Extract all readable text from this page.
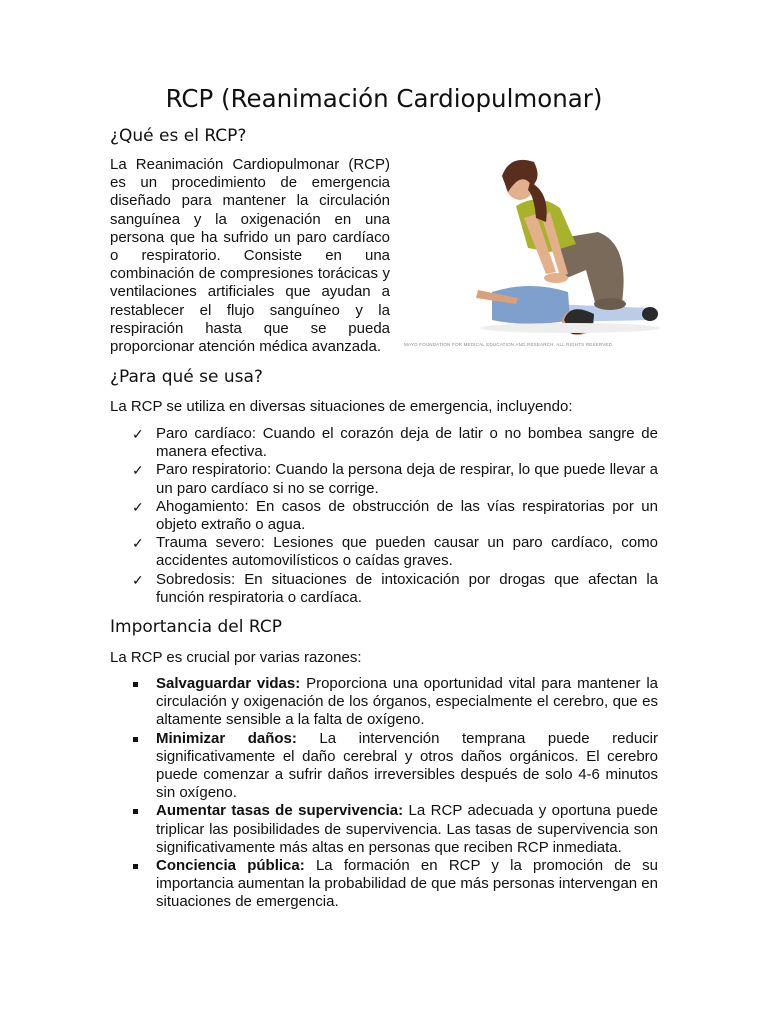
RCP (Reanimación Cardiopulmonar)
¿Qué es el RCP?

La Reanimación Cardiopulmonar (RCP) es un procedimiento de emergencia diseñado para mantener la circulación sanguínea y la oxigenación en una persona que ha sufrido un paro cardíaco o respiratorio. Consiste en una combinación de compresiones torácicas y ventilaciones artificiales que ayudan a restablecer el flujo sanguíneo y la respiración hasta que se pueda proporcionar atención médica avanzada.	MAYO FOUNDATION FOR MEDICAL EDUCATION AND RESEARCH. ALL RIGHTS RESERVED.
¿Para qué se usa?

La RCP se utiliza en diversas situaciones de emergencia, incluyendo:

✓ Paro cardíaco: Cuando el corazón deja de latir o no bombea sangre de manera efectiva.
✓ Paro respiratorio: Cuando la persona deja de respirar, lo que puede llevar a un paro cardíaco si no se corrige.
✓ Ahogamiento: En casos de obstrucción de las vías respiratorias por un objeto extraño o agua.
✓ Trauma severo: Lesiones que pueden causar un paro cardíaco, como accidentes automovilísticos o caídas graves.
✓ Sobredosis: En situaciones de intoxicación por drogas que afectan la función respiratoria o cardíaca.
Importancia del RCP

La RCP es crucial por varias razones:

Salvaguardar vidas: Proporciona una oportunidad vital para mantener la circulación y oxigenación de los órganos, especialmente el cerebro, que es altamente sensible a la falta de oxígeno.
Minimizar daños: La intervención temprana puede reducir significativamente el daño cerebral y otros daños orgánicos. El cerebro puede comenzar a sufrir daños irreversibles después de solo 4-6 minutos sin oxígeno.
Aumentar tasas de supervivencia: La RCP adecuada y oportuna puede triplicar las posibilidades de supervivencia. Las tasas de supervivencia son significativamente más altas en personas que reciben RCP inmediata.
Conciencia pública: La formación en RCP y la promoción de su importancia aumentan la probabilidad de que más personas intervengan en situaciones de emergencia.
